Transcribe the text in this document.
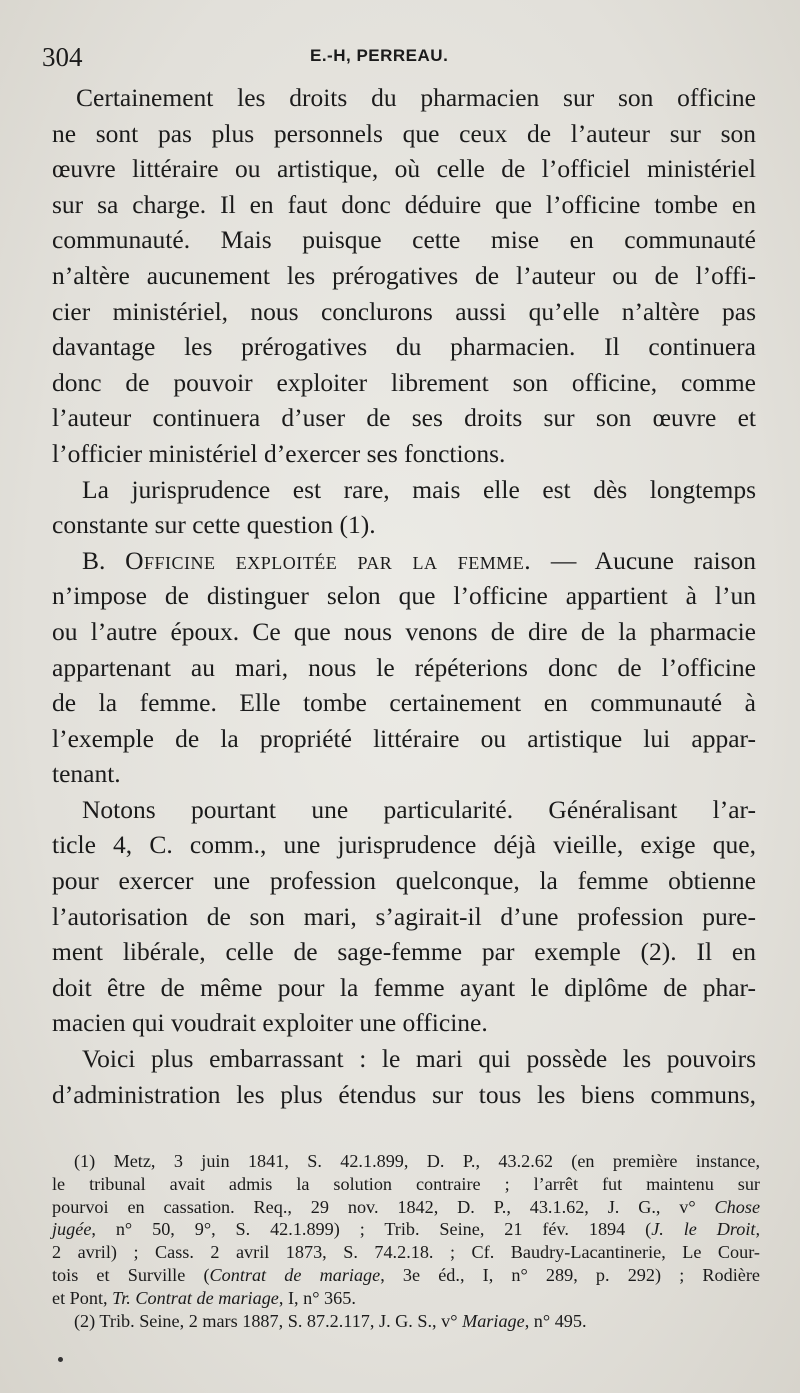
304	E.-H, PERREAU.

Certainement les droits du pharmacien sur son officine
ne sont pas plus personnels que ceux de l’auteur sur son
œuvre littéraire ou artistique, où celle de l’officiel ministériel
sur sa charge. Il en faut donc déduire que l’officine tombe en
communauté. Mais puisque cette mise en communauté
n’altère aucunement les prérogatives de l’auteur ou de l’offi-
cier ministériel, nous conclurons aussi qu’elle n’altère pas
davantage les prérogatives du pharmacien. Il continuera
donc de pouvoir exploiter librement son officine, comme
l’auteur continuera d’user de ses droits sur son œuvre et
l’officier ministériel d’exercer ses fonctions.

La jurisprudence est rare, mais elle est dès longtemps
constante sur cette question (1).

B. Officine exploitée par la femme. — Aucune raison
n’impose de distinguer selon que l’officine appartient à l’un
ou l’autre époux. Ce que nous venons de dire de la pharmacie
appartenant au mari, nous le répéterions donc de l’officine
de la femme. Elle tombe certainement en communauté à
l’exemple de la propriété littéraire ou artistique lui appar-
tenant.

Notons pourtant une particularité. Généralisant l’ar-
ticle 4, C. comm., une jurisprudence déjà vieille, exige que,
pour exercer une profession quelconque, la femme obtienne
l’autorisation de son mari, s’agirait-il d’une profession pure-
ment libérale, celle de sage-femme par exemple (2). Il en
doit être de même pour la femme ayant le diplôme de phar-
macien qui voudrait exploiter une officine.

Voici plus embarrassant : le mari qui possède les pouvoirs
d’administration les plus étendus sur tous les biens communs,

(1) Metz, 3 juin 1841, S. 42.1.899, D. P., 43.2.62 (en première instance,
le tribunal avait admis la solution contraire ; l’arrêt fut maintenu sur
pourvoi en cassation. Req., 29 nov. 1842, D. P., 43.1.62, J. G., v° Chose
jugée, n° 50, 9°, S. 42.1.899) ; Trib. Seine, 21 fév. 1894 (J. le Droit,
2 avril) ; Cass. 2 avril 1873, S. 74.2.18. ; Cf. Baudry-Lacantinerie, Le Cour-
tois et Surville (Contrat de mariage, 3e éd., I, n° 289, p. 292) ; Rodière
et Pont, Tr. Contrat de mariage, I, n° 365.
(2) Trib. Seine, 2 mars 1887, S. 87.2.117, J. G. S., v° Mariage, n° 495.
